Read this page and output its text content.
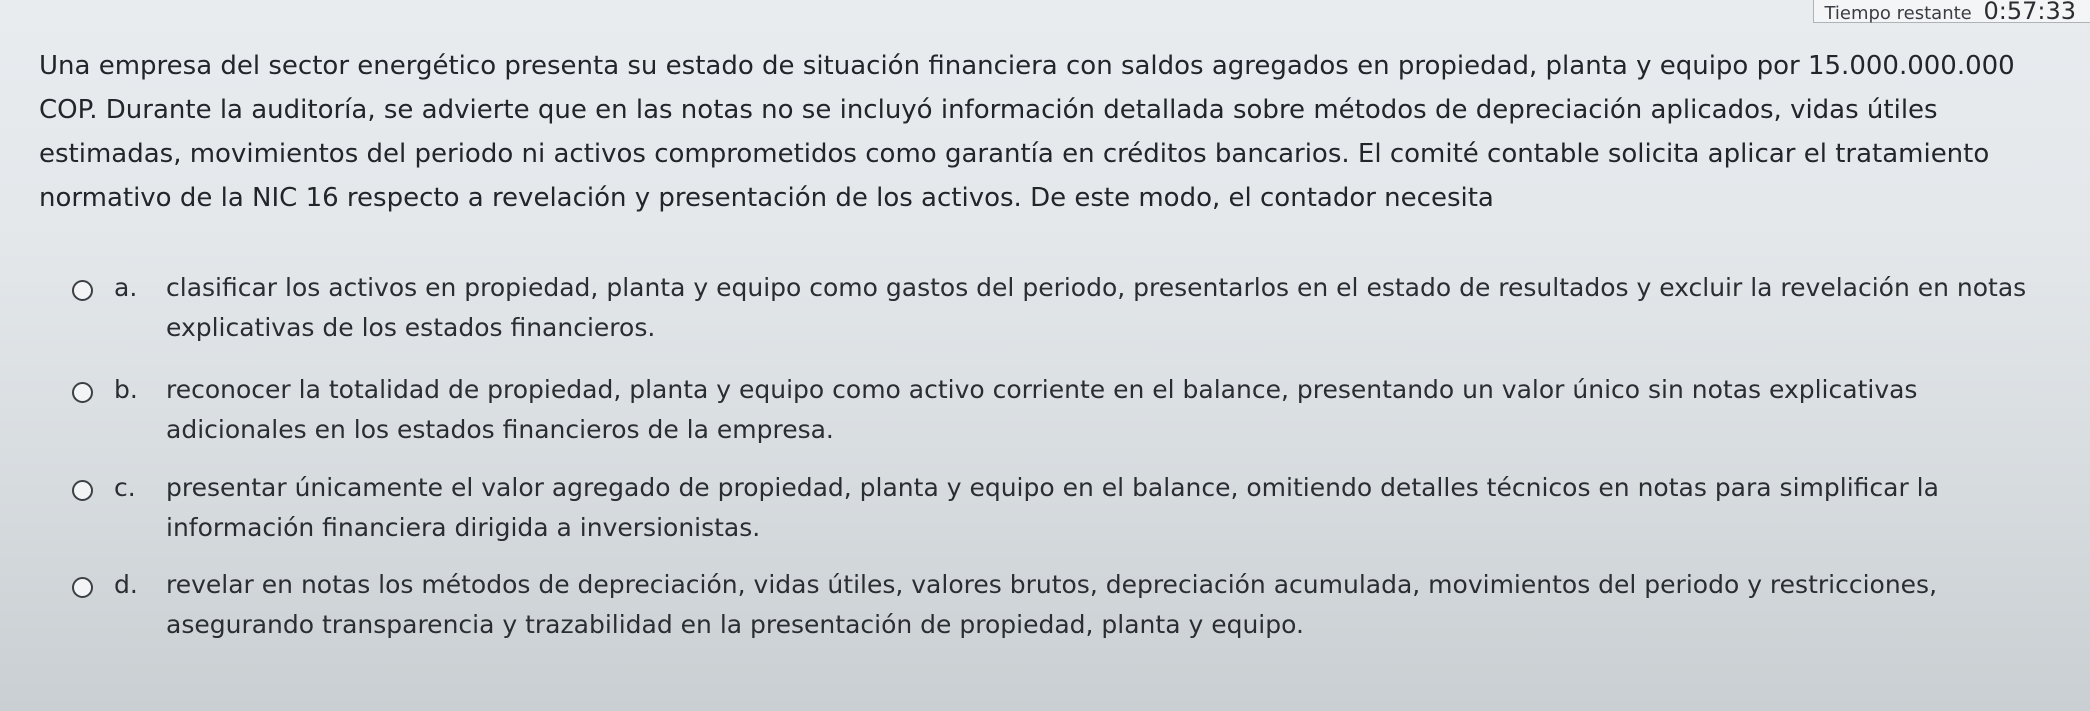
Tiempo restante 0:57:33
Una empresa del sector energético presenta su estado de situación financiera con saldos agregados en propiedad, planta y equipo por 15.000.000.000 COP. Durante la auditoría, se advierte que en las notas no se incluyó información detallada sobre métodos de depreciación aplicados, vidas útiles estimadas, movimientos del periodo ni activos comprometidos como garantía en créditos bancarios. El comité contable solicita aplicar el tratamiento normativo de la NIC 16 respecto a revelación y presentación de los activos. De este modo, el contador necesita
a. clasificar los activos en propiedad, planta y equipo como gastos del periodo, presentarlos en el estado de resultados y excluir la revelación en notas explicativas de los estados financieros.
b. reconocer la totalidad de propiedad, planta y equipo como activo corriente en el balance, presentando un valor único sin notas explicativas adicionales en los estados financieros de la empresa.
c. presentar únicamente el valor agregado de propiedad, planta y equipo en el balance, omitiendo detalles técnicos en notas para simplificar la información financiera dirigida a inversionistas.
d. revelar en notas los métodos de depreciación, vidas útiles, valores brutos, depreciación acumulada, movimientos del periodo y restricciones, asegurando transparencia y trazabilidad en la presentación de propiedad, planta y equipo.
